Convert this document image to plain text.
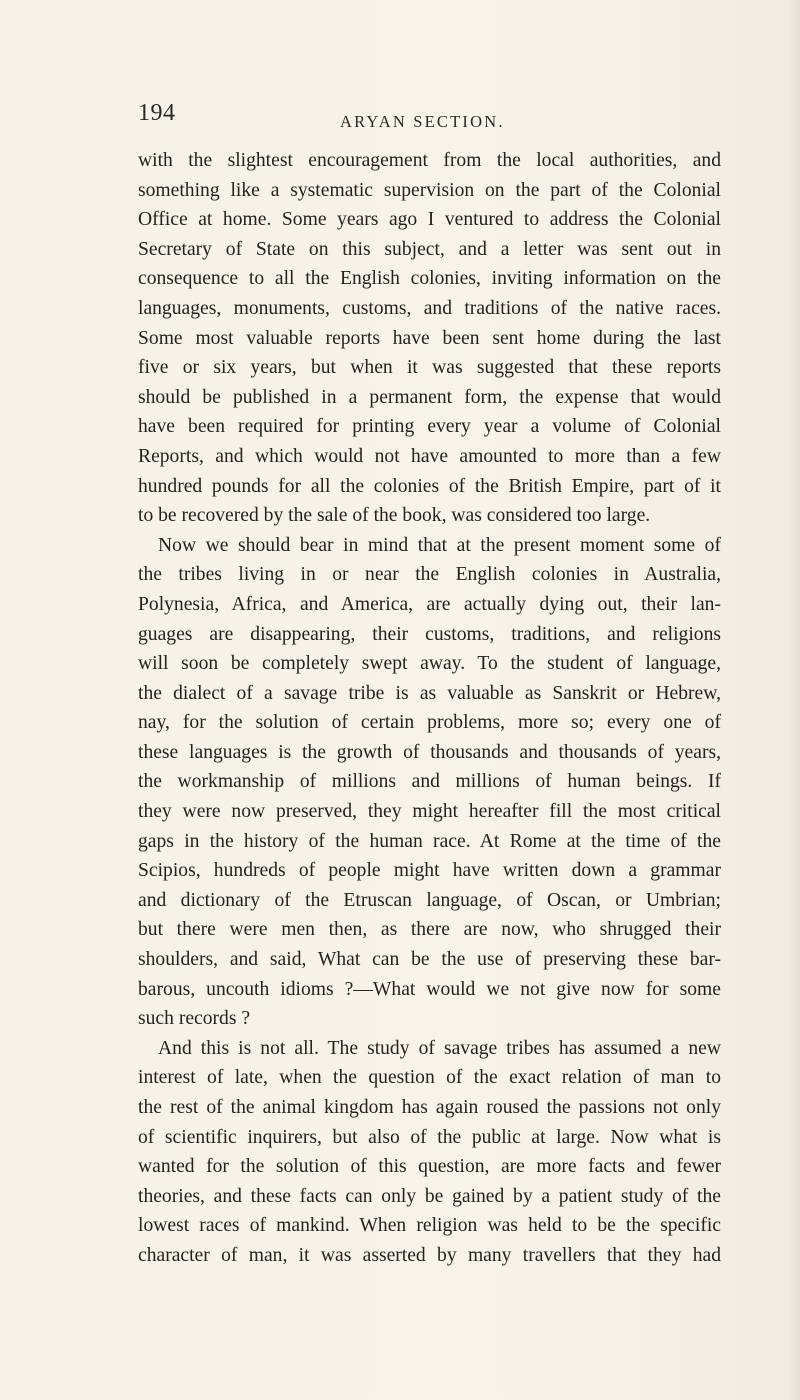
194	ARYAN SECTION.
with the slightest encouragement from the local authorities, and
something like a systematic supervision on the part of the Colonial
Office at home. Some years ago I ventured to address the Colonial
Secretary of State on this subject, and a letter was sent out in
consequence to all the English colonies, inviting information on the
languages, monuments, customs, and traditions of the native races.
Some most valuable reports have been sent home during the last
five or six years, but when it was suggested that these reports
should be published in a permanent form, the expense that would
have been required for printing every year a volume of Colonial
Reports, and which would not have amounted to more than a few
hundred pounds for all the colonies of the British Empire, part of it
to be recovered by the sale of the book, was considered too large.
Now we should bear in mind that at the present moment some of
the tribes living in or near the English colonies in Australia,
Polynesia, Africa, and America, are actually dying out, their lan-
guages are disappearing, their customs, traditions, and religions
will soon be completely swept away. To the student of language,
the dialect of a savage tribe is as valuable as Sanskrit or Hebrew,
nay, for the solution of certain problems, more so; every one of
these languages is the growth of thousands and thousands of years,
the workmanship of millions and millions of human beings. If
they were now preserved, they might hereafter fill the most critical
gaps in the history of the human race. At Rome at the time of the
Scipios, hundreds of people might have written down a grammar
and dictionary of the Etruscan language, of Oscan, or Umbrian;
but there were men then, as there are now, who shrugged their
shoulders, and said, What can be the use of preserving these bar-
barous, uncouth idioms ?—What would we not give now for some
such records ?
And this is not all. The study of savage tribes has assumed a new
interest of late, when the question of the exact relation of man to
the rest of the animal kingdom has again roused the passions not only
of scientific inquirers, but also of the public at large. Now what is
wanted for the solution of this question, are more facts and fewer
theories, and these facts can only be gained by a patient study of the
lowest races of mankind. When religion was held to be the specific
character of man, it was asserted by many travellers that they had
